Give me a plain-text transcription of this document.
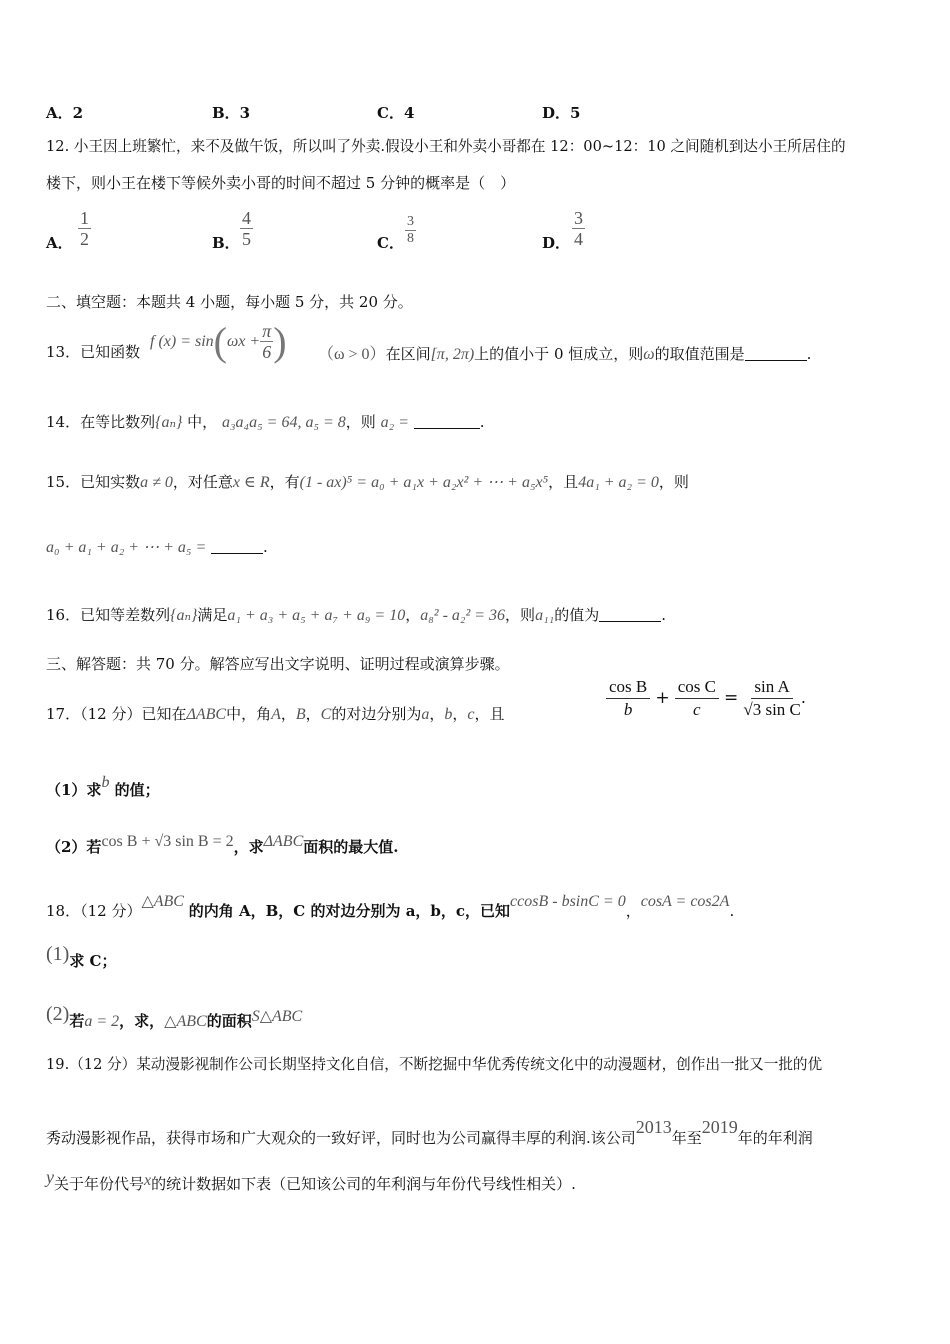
A．2	B．3	C．4	D．5
12. 小王因上班繁忙，来不及做午饭，所以叫了外卖.假设小王和外卖小哥都在 12：00~12：10 之间随机到达小王所居住的
楼下，则小王在楼下等候外卖小哥的时间不超过 5 分钟的概率是（　）
A． $\frac{1}{2}$	B． $\frac{4}{5}$	C． $\frac{3}{8}$	D． $\frac{3}{4}$
二、填空题：本题共 4 小题，每小题 5 分，共 20 分。
13．已知函数
f $(x) = \sin(\omega x + \frac{\pi}{6}$ ) （ω > 0）在区间[π, 2π)上的值小于 0 恒成立，则ω的取值范围是	.
14．在等比数列{aₙ} 中， a₃a₄a₅ = 64, a₅ = 8，则 a₂ =	.
15．已知实数a ≠ 0，对任意x ∈ R，有(1 - ax)⁵ = a₀ + a₁x + a₂x² + ⋯ + a₅x⁵，且4a₁ + a₂ = 0，则
a₀ + a₁ + a₂ + ⋯ + a₅ =	.
16．已知等差数列{aₙ}满足a₁ + a₃ + a₅ + a₇ + a₉ = 10，a₈² - a₂² = 36，则a₁₁的值为	.
三、解答题：共 70 分。解答应写出文字说明、证明过程或演算步骤。
17．（12 分）已知在ΔABC中，角A，B，C的对边分别为a，b，c，且	$\frac{\text{cos B}}{b} + \frac{\text{cos C}}{c} = \frac{\text{sin A}}{\text{√3 sin C}}$ .
（1）求b 的值；
（2）若cos B + √3 sin B = 2，求ΔABC面积的最大值.
18．（12 分）△ABC 的内角 A，B，C 的对边分别为 a，b，c，已知ccosB - bsinC = 0，cosA = cos2A.
(1)求 C；
(2)若a = 2，求，△ABC的面积S△ABC
19.（12 分）某动漫影视制作公司长期坚持文化自信，不断挖掘中华优秀传统文化中的动漫题材，创作出一批又一批的优
秀动漫影视作品，获得市场和广大观众的一致好评，同时也为公司赢得丰厚的利润.该公司2013年至2019年的年利润
y关于年份代号x的统计数据如下表（已知该公司的年利润与年份代号线性相关）.
